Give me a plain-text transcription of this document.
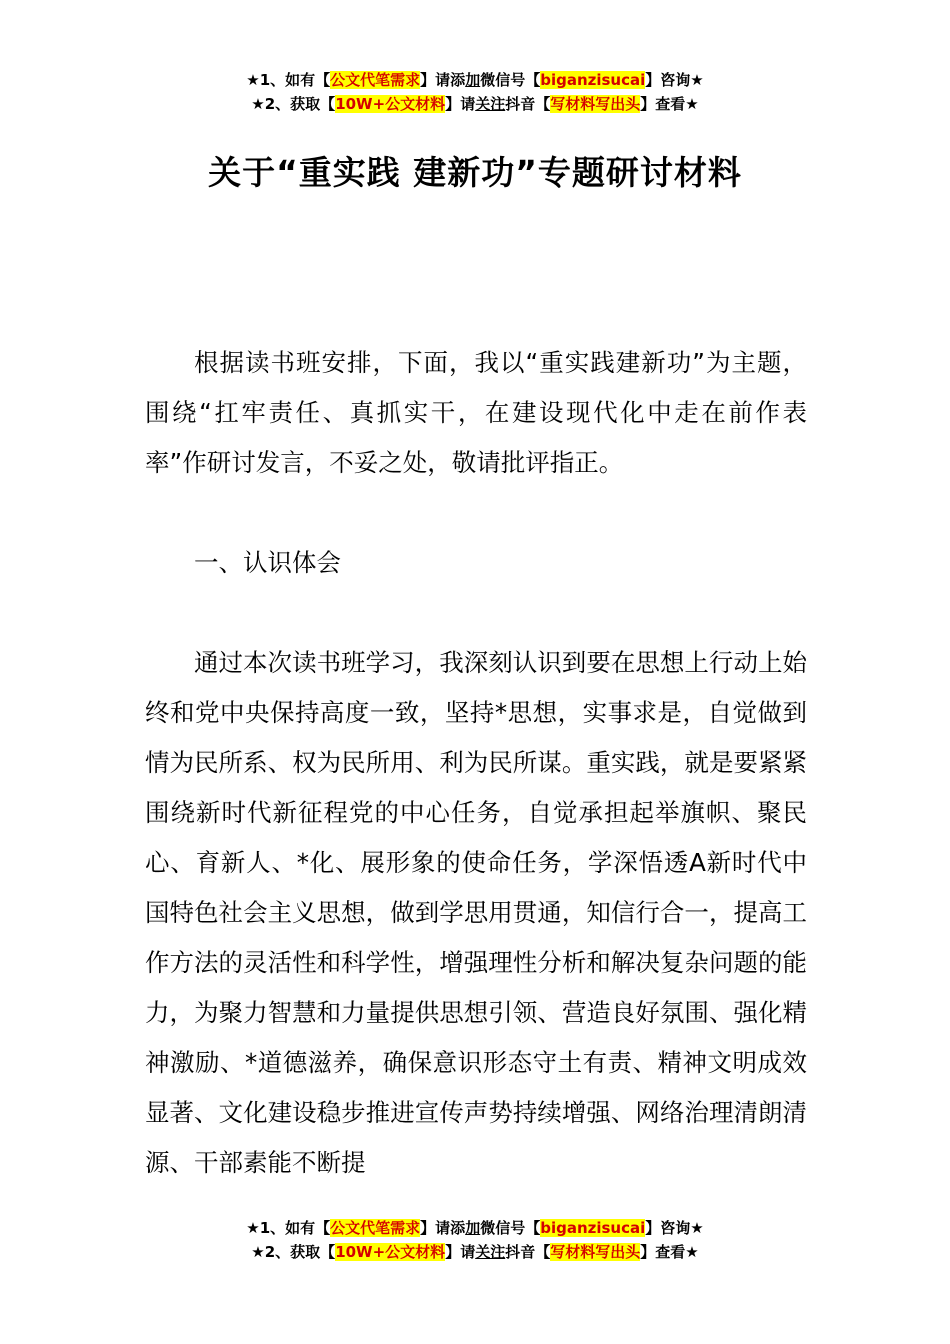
★1、如有【公文代笔需求】请添加微信号【biganzisucai】咨询★
★2、获取【10W+公文材料】请关注抖音【写材料写出头】查看★
关于“重实践 建新功”专题研讨材料

根据读书班安排，下面，我以“重实践建新功”为主题，围绕“扛牢责任、真抓实干，在建设现代化中走在前作表率”作研讨发言，不妥之处，敬请批评指正。

一、认识体会

通过本次读书班学习，我深刻认识到要在思想上行动上始终和党中央保持高度一致，坚持*思想，实事求是，自觉做到情为民所系、权为民所用、利为民所谋。重实践，就是要紧紧围绕新时代新征程党的中心任务，自觉承担起举旗帜、聚民心、育新人、*化、展形象的使命任务，学深悟透A新时代中国特色社会主义思想，做到学思用贯通，知信行合一，提高工作方法的灵活性和科学性，增强理性分析和解决复杂问题的能力，为聚力智慧和力量提供思想引领、营造良好氛围、强化精神激励、*道德滋养，确保意识形态守土有责、精神文明成效显著、文化建设稳步推进宣传声势持续增强、网络治理清朗清源、干部素能不断提

★1、如有【公文代笔需求】请添加微信号【biganzisucai】咨询★
★2、获取【10W+公文材料】请关注抖音【写材料写出头】查看★
